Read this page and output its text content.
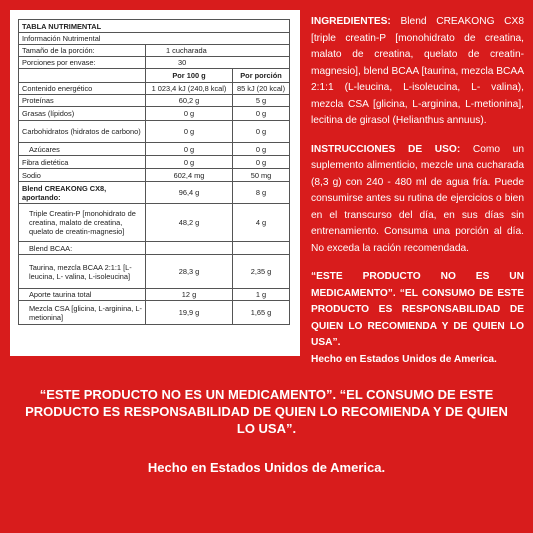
TABLA NUTRIMENTAL		
Información Nutrimental		
Tamaño de la porción:	1 cucharada	
Porciones por envase:	30	
	Por 100 g	Por porción
Contenido energético	1 023,4 kJ (240,8 kcal)	85 kJ (20 kcal)
Proteínas	60,2 g	5 g
Grasas (lípidos)	0 g	0 g
Carbohidratos (hidratos de carbono)	0 g	0 g
Azúcares	0 g	0 g
Fibra dietética	0 g	0 g
Sodio	602,4 mg	50 mg
Blend CREAKONG CX8, aportando:	96,4 g	8 g
Triple Creatin-P [monohidrato de creatina, malato de creatina, quelato de creatin-magnesio]	48,2 g	4 g
Blend BCAA:		
Taurina, mezcla BCAA 2:1:1 [L-leucina, L- valina, L-isoleucina]	28,3 g	2,35 g
Aporte taurina total	12 g	1 g
Mezcla CSA [glicina, L-arginina, L-metionina]	19,9 g	1,65 g

INGREDIENTES: Blend CREAKONG CX8 [triple creatin-P [monohidrato de creatina, malato de creatina, quelato de creatin-magnesio], blend BCAA [taurina, mezcla BCAA 2:1:1 (L-leucina, L-isoleucina, L- valina), mezcla CSA [glicina, L-arginina, L-metionina], lecitina de girasol (Helianthus annuus).

INSTRUCCIONES DE USO: Como un suplemento alimenticio, mezcle una cucharada (8,3 g) con 240 - 480 ml de agua fría. Puede consumirse antes su rutina de ejercicios o bien en el transcurso del día, en sus días sin entrenamiento. Consuma una porción al día. No exceda la ración recomendada.

“ESTE PRODUCTO NO ES UN MEDICAMENTO”. “EL CONSUMO DE ESTE PRODUCTO ES RESPONSABILIDAD DE QUIEN LO RECOMIENDA Y DE QUIEN LO USA”.

Hecho en Estados Unidos de America.

“ESTE PRODUCTO NO ES UN MEDICAMENTO”. “EL CONSUMO DE ESTE PRODUCTO ES RESPONSABILIDAD DE QUIEN LO RECOMIENDA Y DE QUIEN LO USA”.

Hecho en Estados Unidos de America.
